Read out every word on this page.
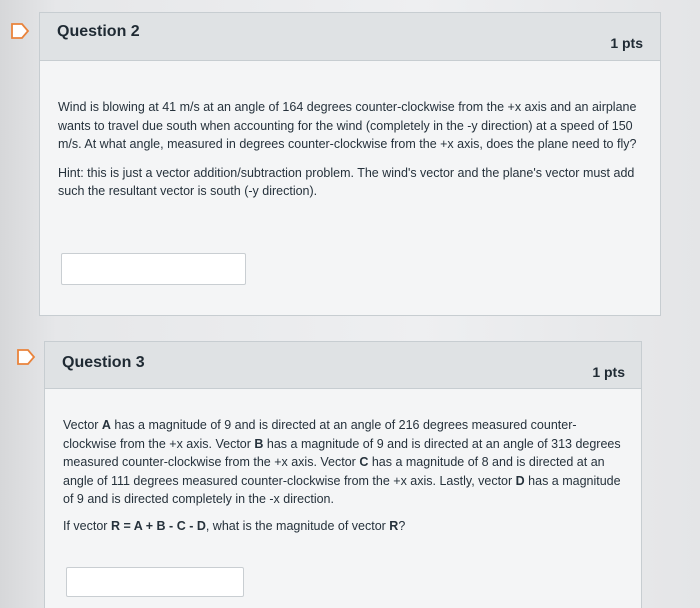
Question 2
1 pts

Wind is blowing at 41 m/s at an angle of 164 degrees counter-clockwise from the +x axis and an airplane wants to travel due south when accounting for the wind (completely in the -y direction) at a speed of 150 m/s. At what angle, measured in degrees counter-clockwise from the +x axis, does the plane need to fly?

Hint: this is just a vector addition/subtraction problem. The wind's vector and the plane's vector must add such the resultant vector is south (-y direction).

Question 3
1 pts

Vector A has a magnitude of 9 and is directed at an angle of 216 degrees measured counter-clockwise from the +x axis. Vector B has a magnitude of 9 and is directed at an angle of 313 degrees measured counter-clockwise from the +x axis. Vector C has a magnitude of 8 and is directed at an angle of 111 degrees measured counter-clockwise from the +x axis. Lastly, vector D has a magnitude of 9 and is directed completely in the -x direction.

If vector R = A + B - C - D, what is the magnitude of vector R?
